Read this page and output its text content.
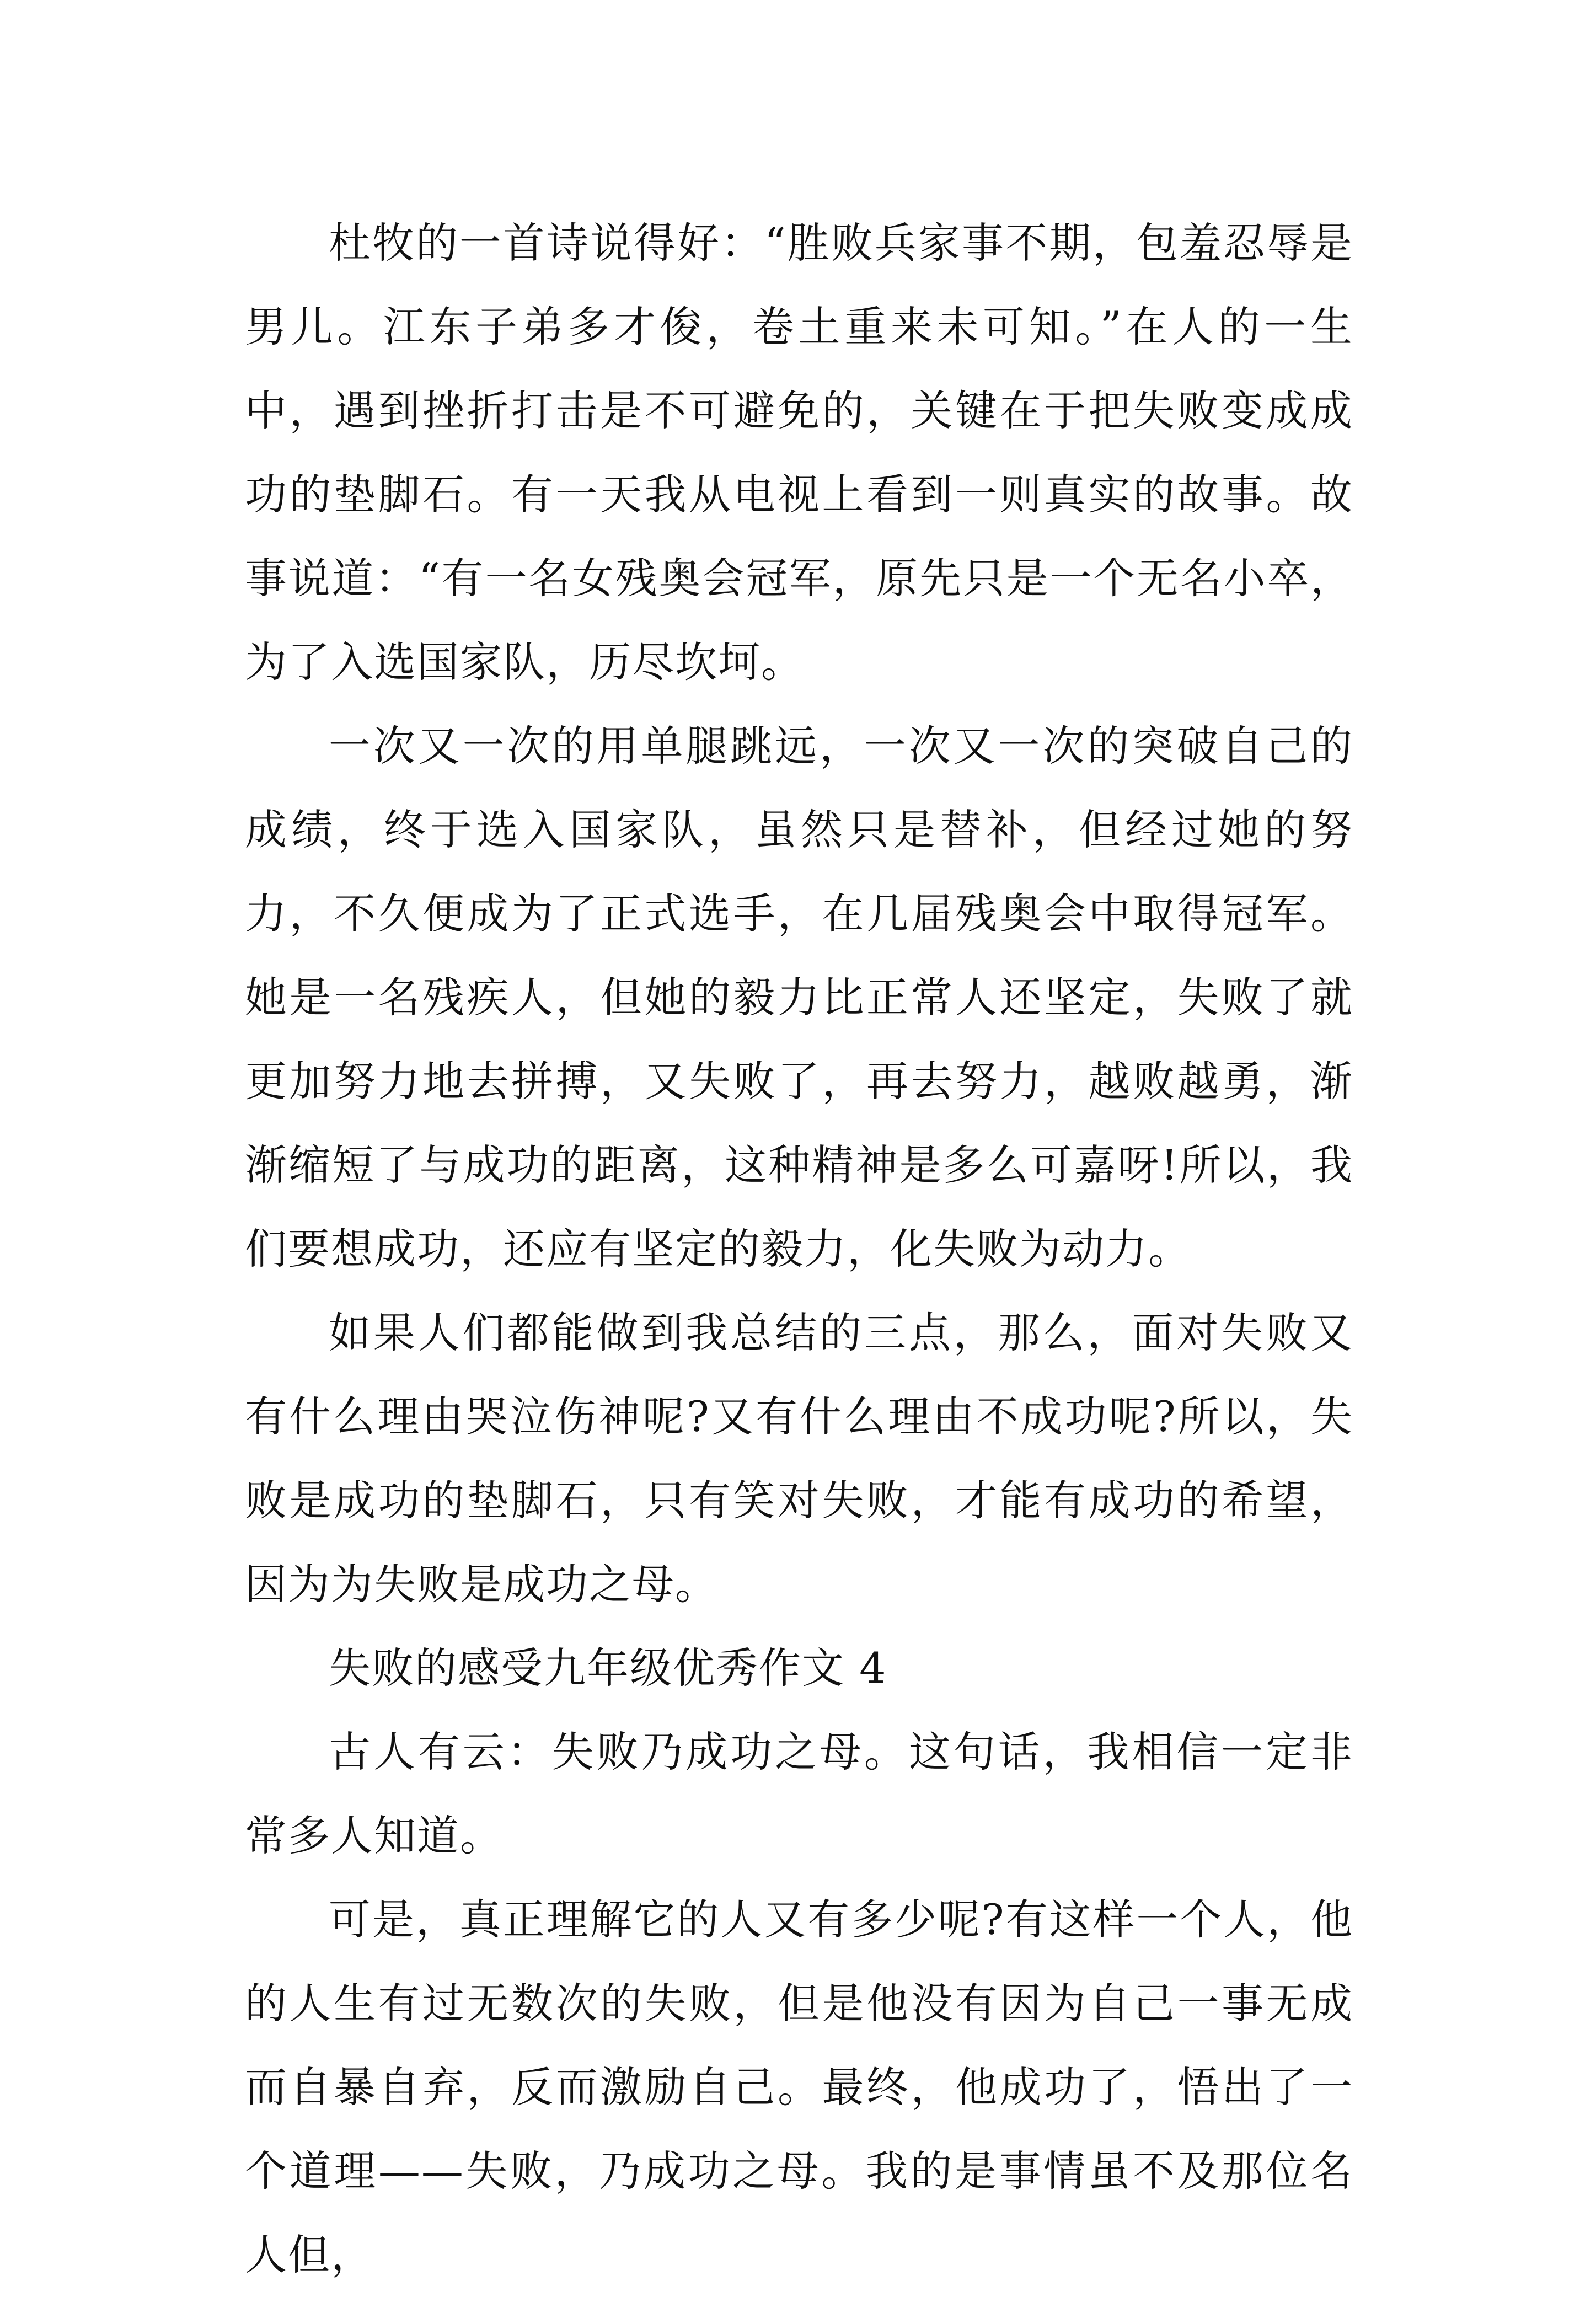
杜牧的一首诗说得好：“胜败兵家事不期，包羞忍辱是男儿。江东子弟多才俊，卷土重来未可知。”在人的一生中，遇到挫折打击是不可避免的，关键在于把失败变成成功的垫脚石。有一天我从电视上看到一则真实的故事。故事说道：“有一名女残奥会冠军，原先只是一个无名小卒，为了入选国家队，历尽坎坷。

一次又一次的用单腿跳远，一次又一次的突破自己的成绩，终于选入国家队，虽然只是替补，但经过她的努力，不久便成为了正式选手，在几届残奥会中取得冠军。她是一名残疾人，但她的毅力比正常人还坚定，失败了就更加努力地去拼搏，又失败了，再去努力，越败越勇，渐渐缩短了与成功的距离，这种精神是多么可嘉呀!所以，我们要想成功，还应有坚定的毅力，化失败为动力。

如果人们都能做到我总结的三点，那么，面对失败又有什么理由哭泣伤神呢?又有什么理由不成功呢?所以，失败是成功的垫脚石，只有笑对失败，才能有成功的希望，因为为失败是成功之母。

失败的感受九年级优秀作文 4

古人有云：失败乃成功之母。这句话，我相信一定非常多人知道。

可是，真正理解它的人又有多少呢?有这样一个人，他的人生有过无数次的失败，但是他没有因为自己一事无成而自暴自弃，反而激励自己。最终，他成功了，悟出了一个道理——失败，乃成功之母。我的是事情虽不及那位名人但，
